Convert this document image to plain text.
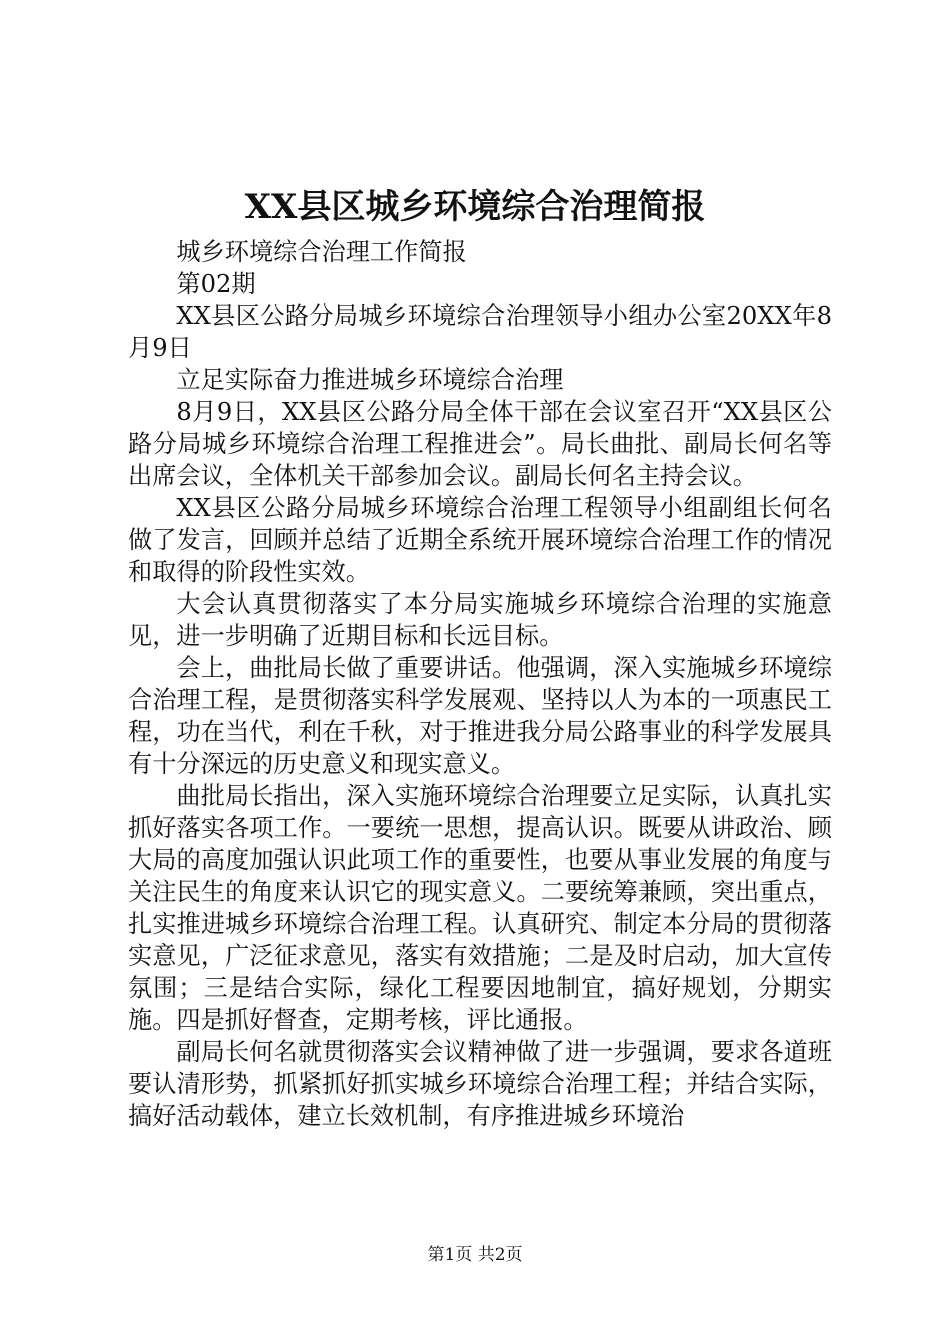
XX县区城乡环境综合治理简报

城乡环境综合治理工作简报

第02期

XX县区公路分局城乡环境综合治理领导小组办公室20XX年8月9日

立足实际奋力推进城乡环境综合治理

8月9日，XX县区公路分局全体干部在会议室召开“XX县区公路分局城乡环境综合治理工程推进会”。局长曲批、副局长何名等出席会议，全体机关干部参加会议。副局长何名主持会议。

XX县区公路分局城乡环境综合治理工程领导小组副组长何名做了发言，回顾并总结了近期全系统开展环境综合治理工作的情况和取得的阶段性实效。

大会认真贯彻落实了本分局实施城乡环境综合治理的实施意见，进一步明确了近期目标和长远目标。

会上，曲批局长做了重要讲话。他强调，深入实施城乡环境综合治理工程，是贯彻落实科学发展观、坚持以人为本的一项惠民工程，功在当代，利在千秋，对于推进我分局公路事业的科学发展具有十分深远的历史意义和现实意义。

曲批局长指出，深入实施环境综合治理要立足实际，认真扎实抓好落实各项工作。一要统一思想，提高认识。既要从讲政治、顾大局的高度加强认识此项工作的重要性，也要从事业发展的角度与关注民生的角度来认识它的现实意义。二要统筹兼顾，突出重点，扎实推进城乡环境综合治理工程。认真研究、制定本分局的贯彻落实意见，广泛征求意见，落实有效措施；二是及时启动，加大宣传氛围；三是结合实际，绿化工程要因地制宜，搞好规划，分期实施。四是抓好督查，定期考核，评比通报。

副局长何名就贯彻落实会议精神做了进一步强调，要求各道班要认清形势，抓紧抓好抓实城乡环境综合治理工程；并结合实际，搞好活动载体，建立长效机制，有序推进城乡环境治

第1页 共2页
